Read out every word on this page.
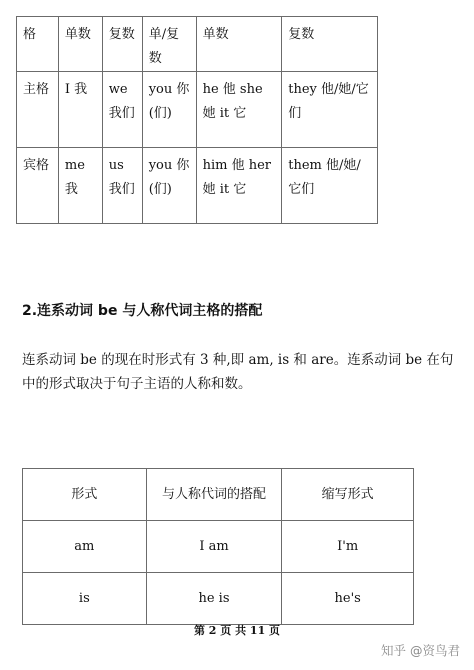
格	单数	复数	单/复数	单数	复数
主格	I 我	we 我们	you 你(们)	he 他 she 她 it 它	they 他/她/它们
宾格	me 我	us 我们	you 你(们)	him 他 her 她 it 它	them 他/她/它们
2.连系动词 be 与人称代词主格的搭配
连系动词 be 的现在时形式有 3 种,即 am, is 和 are。连系动词 be 在句中的形式取决于句子主语的人称和数。
形式	与人称代词的搭配	缩写形式
am	I am	I'm
is	he is	he's
第 2 页 共 11 页
知乎 @资鸟君
